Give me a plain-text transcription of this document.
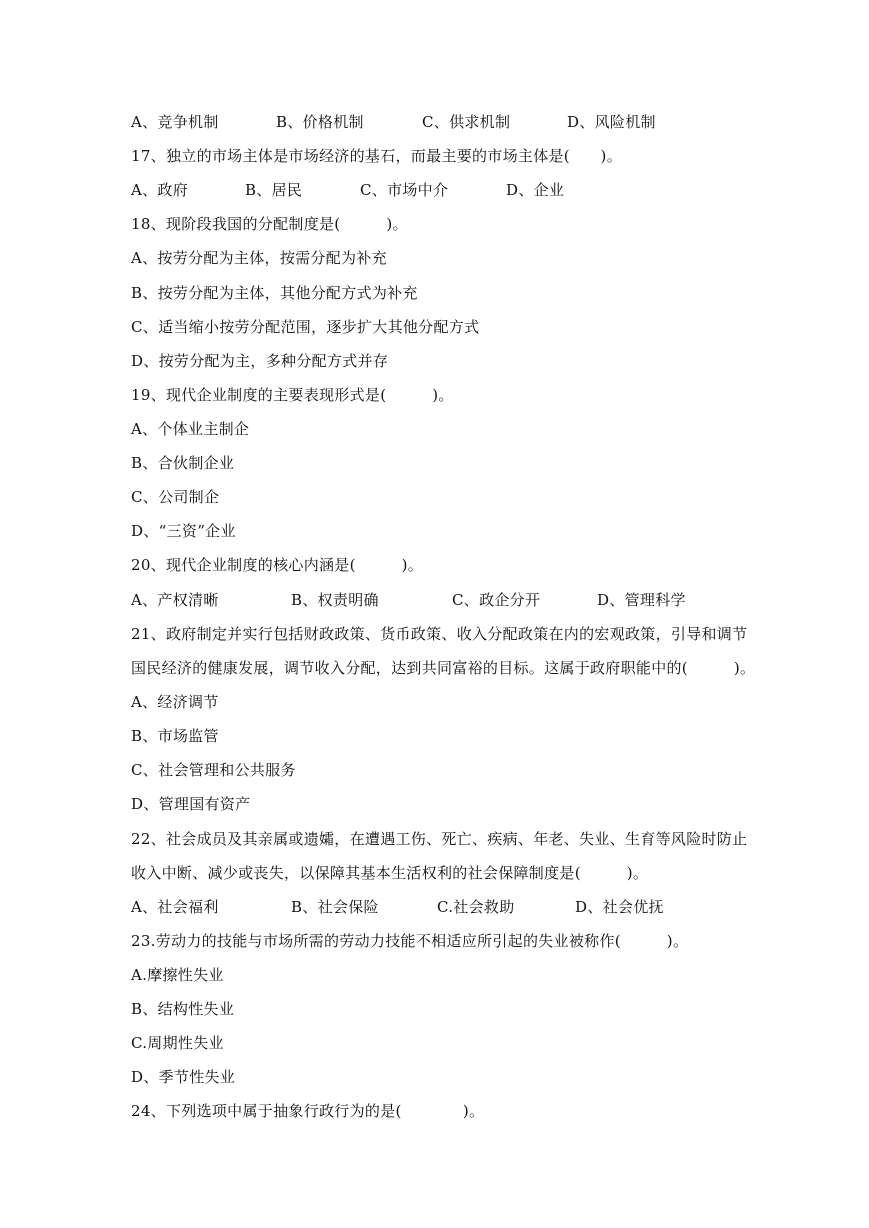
A、竞争机制	B、价格机制	C、供求机制	D、风险机制
17、独立的市场主体是市场经济的基石，而最主要的市场主体是(　　)。
A、政府	B、居民	C、市场中介	D、企业
18、现阶段我国的分配制度是(　　　)。
A、按劳分配为主体，按需分配为补充
B、按劳分配为主体，其他分配方式为补充
C、适当缩小按劳分配范围，逐步扩大其他分配方式
D、按劳分配为主，多种分配方式并存
19、现代企业制度的主要表现形式是(　　　)。
A、个体业主制企
B、合伙制企业
C、公司制企
D、“三资”企业
20、现代企业制度的核心内涵是(　　　)。
A、产权清晰	B、权责明确	C、政企分开	D、管理科学
21、政府制定并实行包括财政政策、货币政策、收入分配政策在内的宏观政策，引导和调节
国民经济的健康发展，调节收入分配，达到共同富裕的目标。这属于政府职能中的(　　　)。
A、经济调节
B、市场监管
C、社会管理和公共服务
D、管理国有资产
22、社会成员及其亲属或遗孀，在遭遇工伤、死亡、疾病、年老、失业、生育等风险时防止
收入中断、减少或丧失，以保障其基本生活权利的社会保障制度是(　　　)。
A、社会福利	B、社会保险	C.社会救助	D、社会优抚
23.劳动力的技能与市场所需的劳动力技能不相适应所引起的失业被称作(　　　)。
A.摩擦性失业
B、结构性失业
C.周期性失业
D、季节性失业
24、下列选项中属于抽象行政行为的是(　　　　)。
